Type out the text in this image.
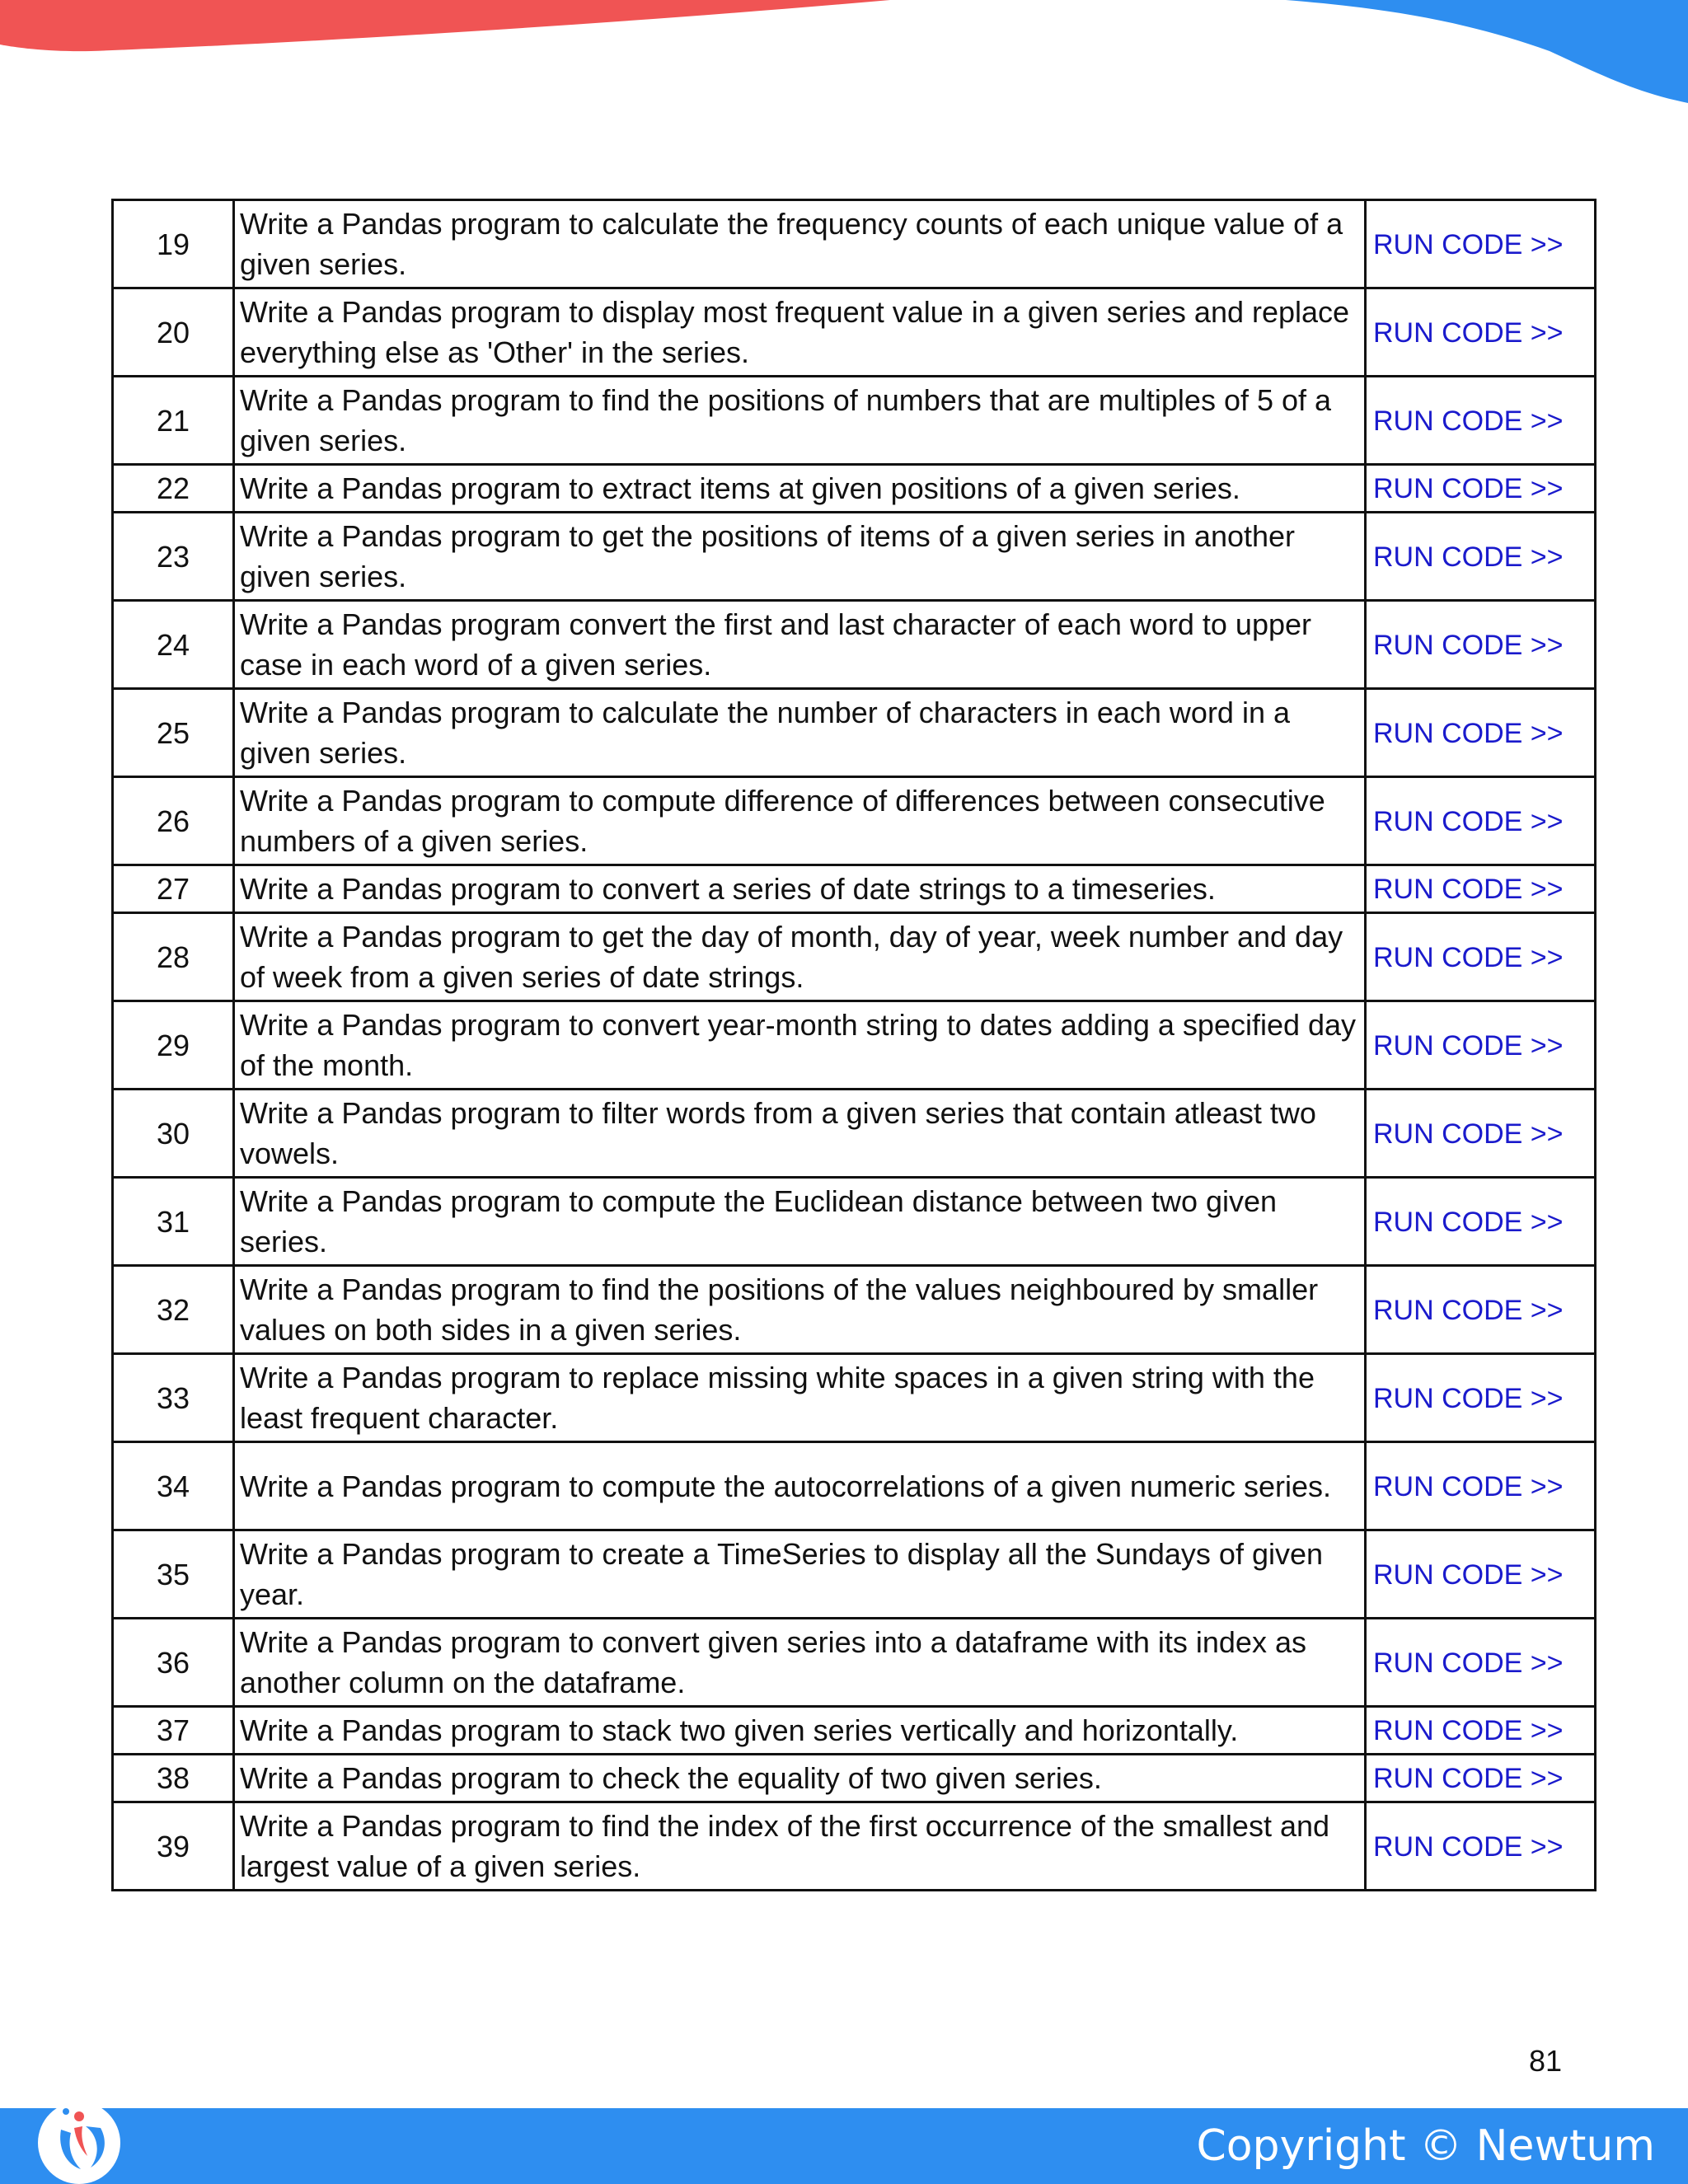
19	Write a Pandas program to calculate the frequency counts of each unique value of a given series.	RUN CODE >>
20	Write a Pandas program to display most frequent value in a given series and replace everything else as 'Other' in the series.	RUN CODE >>
21	Write a Pandas program to find the positions of numbers that are multiples of 5 of a given series.	RUN CODE >>
22	Write a Pandas program to extract items at given positions of a given series.	RUN CODE >>
23	Write a Pandas program to get the positions of items of a given series in another given series.	RUN CODE >>
24	Write a Pandas program convert the first and last character of each word to upper case in each word of a given series.	RUN CODE >>
25	Write a Pandas program to calculate the number of characters in each word in a given series.	RUN CODE >>
26	Write a Pandas program to compute difference of differences between consecutive numbers of a given series.	RUN CODE >>
27	Write a Pandas program to convert a series of date strings to a timeseries.	RUN CODE >>
28	Write a Pandas program to get the day of month, day of year, week number and day of week from a given series of date strings.	RUN CODE >>
29	Write a Pandas program to convert year-month string to dates adding a specified day of the month.	RUN CODE >>
30	Write a Pandas program to filter words from a given series that contain atleast two vowels.	RUN CODE >>
31	Write a Pandas program to compute the Euclidean distance between two given series.	RUN CODE >>
32	Write a Pandas program to find the positions of the values neighboured by smaller values on both sides in a given series.	RUN CODE >>
33	Write a Pandas program to replace missing white spaces in a given string with the least frequent character.	RUN CODE >>
34	Write a Pandas program to compute the autocorrelations of a given numeric series.	RUN CODE >>
35	Write a Pandas program to create a TimeSeries to display all the Sundays of given year.	RUN CODE >>
36	Write a Pandas program to convert given series into a dataframe with its index as another column on the dataframe.	RUN CODE >>
37	Write a Pandas program to stack two given series vertically and horizontally.	RUN CODE >>
38	Write a Pandas program to check the equality of two given series.	RUN CODE >>
39	Write a Pandas program to find the index of the first occurrence of the smallest and largest value of a given series.	RUN CODE >>
81
Copyright © Newtum
